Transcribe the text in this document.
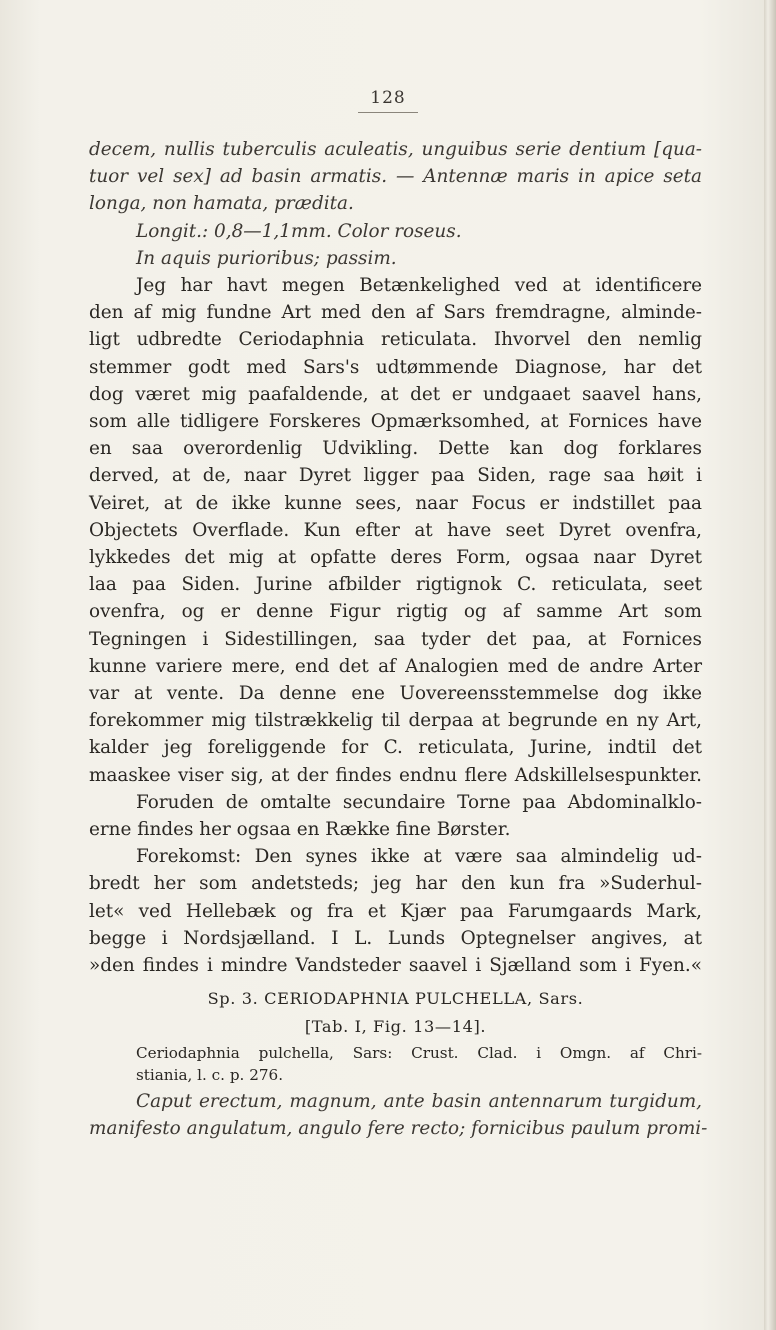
128
decem, nullis tuberculis aculeatis, unguibus serie dentium [qua-
tuor vel sex] ad basin armatis. — Antennæ maris in apice seta
longa, non hamata, prædita.
Longit.: 0,8—1,1mm. Color roseus.
In aquis purioribus; passim.
Jeg har havt megen Betænkelighed ved at identificere
den af mig fundne Art med den af Sars fremdragne, alminde-
ligt udbredte Ceriodaphnia reticulata. Ihvorvel den nemlig
stemmer godt med Sars's udtømmende Diagnose, har det
dog været mig paafaldende, at det er undgaaet saavel hans,
som alle tidligere Forskeres Opmærksomhed, at Fornices have
en saa overordenlig Udvikling. Dette kan dog forklares
derved, at de, naar Dyret ligger paa Siden, rage saa høit i
Veiret, at de ikke kunne sees, naar Focus er indstillet paa
Objectets Overflade. Kun efter at have seet Dyret ovenfra,
lykkedes det mig at opfatte deres Form, ogsaa naar Dyret
laa paa Siden. Jurine afbilder rigtignok C. reticulata, seet
ovenfra, og er denne Figur rigtig og af samme Art som
Tegningen i Sidestillingen, saa tyder det paa, at Fornices
kunne variere mere, end det af Analogien med de andre Arter
var at vente. Da denne ene Uovereensstemmelse dog ikke
forekommer mig tilstrækkelig til derpaa at begrunde en ny Art,
kalder jeg foreliggende for C. reticulata, Jurine, indtil det
maaskee viser sig, at der findes endnu flere Adskillelsespunkter.
Foruden de omtalte secundaire Torne paa Abdominalklo-
erne findes her ogsaa en Række fine Børster.
Forekomst: Den synes ikke at være saa almindelig ud-
bredt her som andetsteds; jeg har den kun fra »Suderhul-
let« ved Hellebæk og fra et Kjær paa Farumgaards Mark,
begge i Nordsjælland. I L. Lunds Optegnelser angives, at
»den findes i mindre Vandsteder saavel i Sjælland som i Fyen.«
Sp. 3. CERIODAPHNIA PULCHELLA, Sars.
[Tab. I, Fig. 13—14].
Ceriodaphnia pulchella, Sars: Crust. Clad. i Omgn. af Chri-
stiania, l. c. p. 276.
Caput erectum, magnum, ante basin antennarum turgidum,
manifesto angulatum, angulo fere recto; fornicibus paulum promi-
